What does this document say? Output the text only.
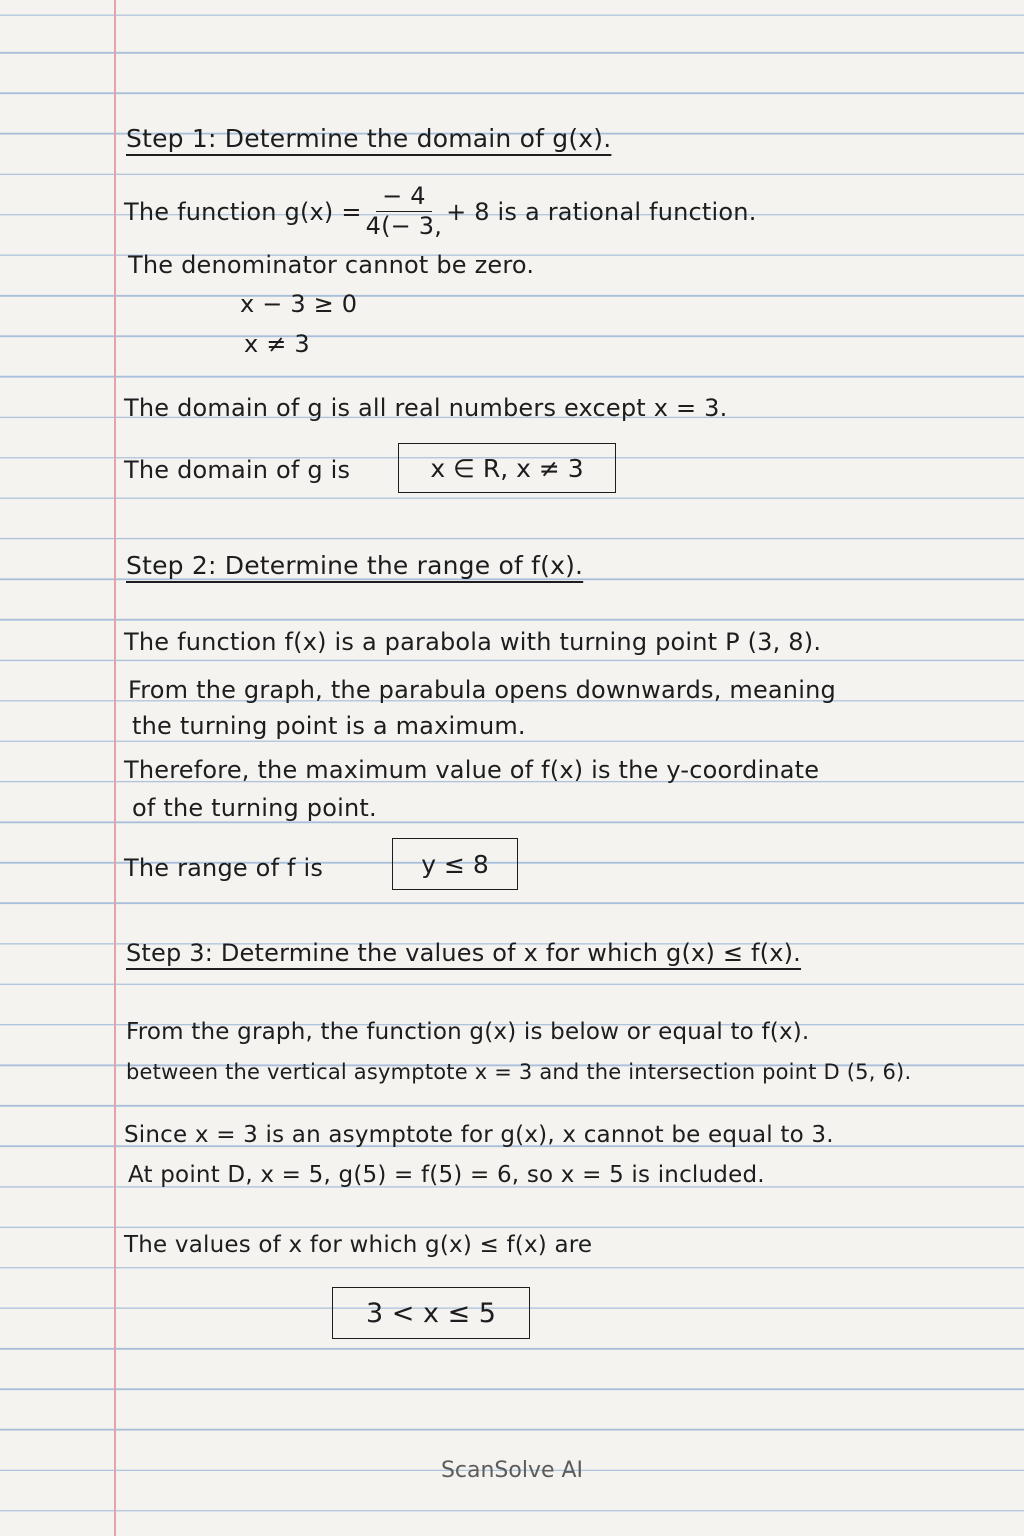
Step 1: Determine the domain of g(x).

The function $g(x) = \frac{- 4}{4(- 3,} + 8$ is a rational function.

The denominator cannot be zero.

x − 3 ≥ 0

x ≠ 3

The domain of g is all real numbers except x = 3.

The domain of g is	x ∈ R, x ≠ 3

Step 2: Determine the range of f(x).

The function f(x) is a parabola with turning point P (3, 8).

From the graph, the parabula opens downwards, meaning

the turning point is a maximum.

Therefore, the maximum value of f(x) is the y-coordinate

of the turning point.

The range of f is	y ≤ 8

Step 3: Determine the values of x for which g(x) ≤ f(x).

From the graph, the function g(x) is below or equal to f(x).

between the vertical asymptote x = 3 and the intersection point D (5, 6).

Since x = 3 is an asymptote for g(x), x cannot be equal to 3.

At point D, x = 5, g(5) = f(5) = 6, so x = 5 is included.

The values of x for which g(x) ≤ f(x) are

3 < x ≤ 5
ScanSolve AI
